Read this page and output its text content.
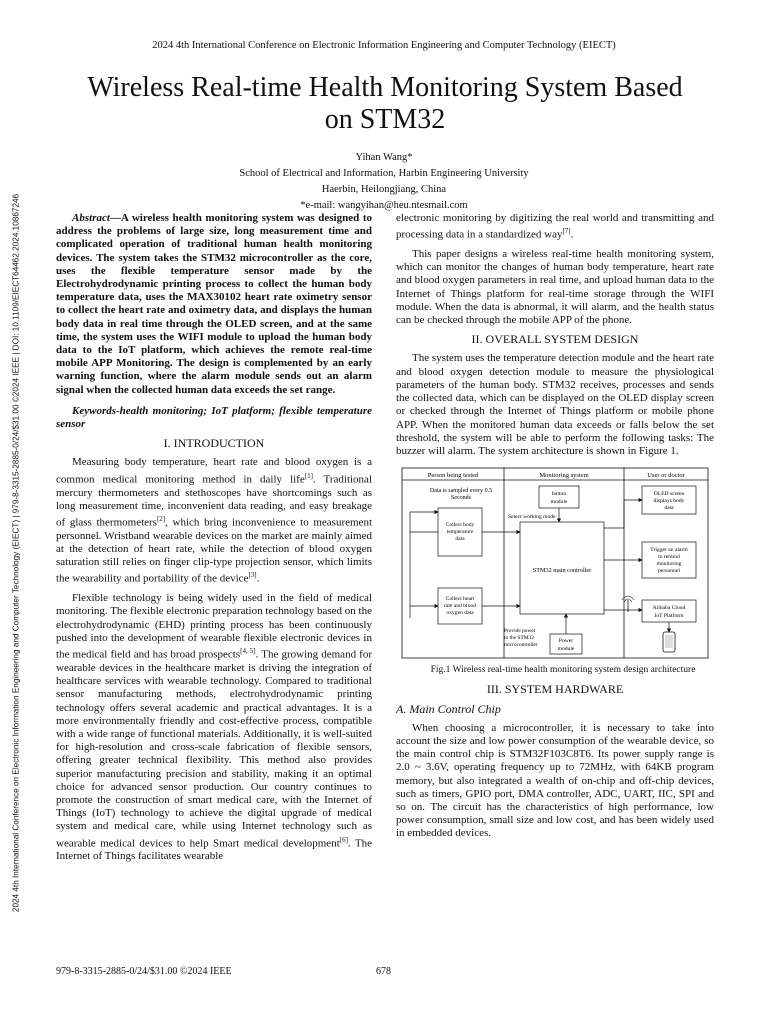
2024 4th International Conference on Electronic Information Engineering and Computer Technology (EIECT)
Wireless Real-time Health Monitoring System Based
on STM32
Yihan Wang*
School of Electrical and Information, Harbin Engineering University
Haerbin, Heilongjiang, China
*e-mail: wangyihan@heu.ntesmail.com
2024 4th International Conference on Electronic Information Engineering and Computer Technology (EIECT) | 979-8-3315-2885-0/24/$31.00 ©2024 IEEE | DOI: 10.1109/EIECT64462.2024.10867246	Abstract—A wireless health monitoring system was designed to address the problems of large size, long measurement time and complicated operation of traditional human health monitoring devices. The system takes the STM32 microcontroller as the core, uses the flexible temperature sensor made by the Electrohydrodynamic printing process to collect the human body temperature data, uses the MAX30102 heart rate oximetry sensor to collect the heart rate and oximetry data, and displays the human body data in real time through the OLED screen, and at the same time, the system uses the WIFI module to upload the human body data to the IoT platform, which achieves the remote real-time mobile APP Monitoring. The design is complemented by an early warning function, where the alarm module sends out an alarm signal when the collected human data exceeds the set range.

Keywords-health monitoring; IoT platform; flexible temperature sensor

I. INTRODUCTION

Measuring body temperature, heart rate and blood oxygen is a common medical monitoring method in daily life[1]. Traditional mercury thermometers and stethoscopes have shortcomings such as long measurement time, inconvenient data reading, and easy breakage of glass thermometers[2], which bring inconvenience to measurement personnel. Wristband wearable devices on the market are mainly aimed at the detection of heart rate, while the detection of blood oxygen saturation still relies on finger clip-type projection sensor, which limits the wearability and portability of the device[3].

Flexible technology is being widely used in the field of medical monitoring. The flexible electronic preparation technology based on the electrohydrodynamic (EHD) printing process has been continuously pushed into the development of wearable flexible electronic devices in the medical field and has broad prospects[4, 5]. The growing demand for wearable devices in the healthcare market is driving the integration of healthcare services with wearable technology. Compared to traditional sensor manufacturing methods, electrohydrodynamic printing technology offers several academic and practical advantages. It is a more environmentally friendly and cost-effective process, compatible with a wide range of functional materials. Additionally, it is well-suited for high-resolution and cross-scale fabrication of flexible sensors, offering greater technical flexibility. This method also provides superior manufacturing precision and stability, making it an optimal choice for advanced sensor production. Our country continues to promote the construction of smart medical care, with the Internet of Things (IoT) technology to achieve the digital upgrade of medical system and medical care, while using Internet technology such as wearable medical devices to help Smart medical development[6]. The Internet of Things facilitates wearable

electronic monitoring by digitizing the real world and transmitting and processing data in a standardized way[7].

This paper designs a wireless real-time health monitoring system, which can monitor the changes of human body temperature, heart rate and blood oxygen parameters in real time, and upload human data to the Internet of Things platform for real-time storage through the WIFI module. When the data is abnormal, it will alarm, and the health status can be checked through the mobile APP of the phone.

II. OVERALL SYSTEM DESIGN

The system uses the temperature detection module and the heart rate and blood oxygen detection module to measure the physiological parameters of the human body. STM32 receives, processes and sends the collected data, which can be displayed on the OLED display screen or checked through the Internet of Things platform or mobile phone APP. When the monitored human data exceeds or falls below the set threshold, the system will be able to perform the following tasks: The buzzer will alarm. The system architecture is shown in Figure 1.

Person being tested	Monitoring system	User or doctor
Data is sampled every 0.5
Seconds
Collect body
temperature
data
Collect heart
rate and blood
oxygen data
button
module
Select working mode
STM32 main controller
Provide power
to the STM32
microcontroller
Power
module
OLED screen
displays body
data
Trigger an alarm
to remind
monitoring
personnel
Alibaba Cloud
IoT Platform

Fig.1 Wireless real-time health monitoring system design architecture

III. SYSTEM HARDWARE

A. Main Control Chip

When choosing a microcontroller, it is necessary to take into account the size and low power consumption of the wearable device, so the main control chip is STM32F103C8T6. Its power supply range is 2.0 ~ 3.6V, operating frequency up to 72MHz, with 64KB program memory, but also integrated a wealth of on-chip and off-chip devices, such as timers, GPIO port, DMA controller, ADC, UART, IIC, SPI and so on. The circuit has the characteristics of high performance, low power consumption, small size and low cost, and has been widely used in embedded devices.

979-8-3315-2885-0/24/$31.00 ©2024 IEEE	678
